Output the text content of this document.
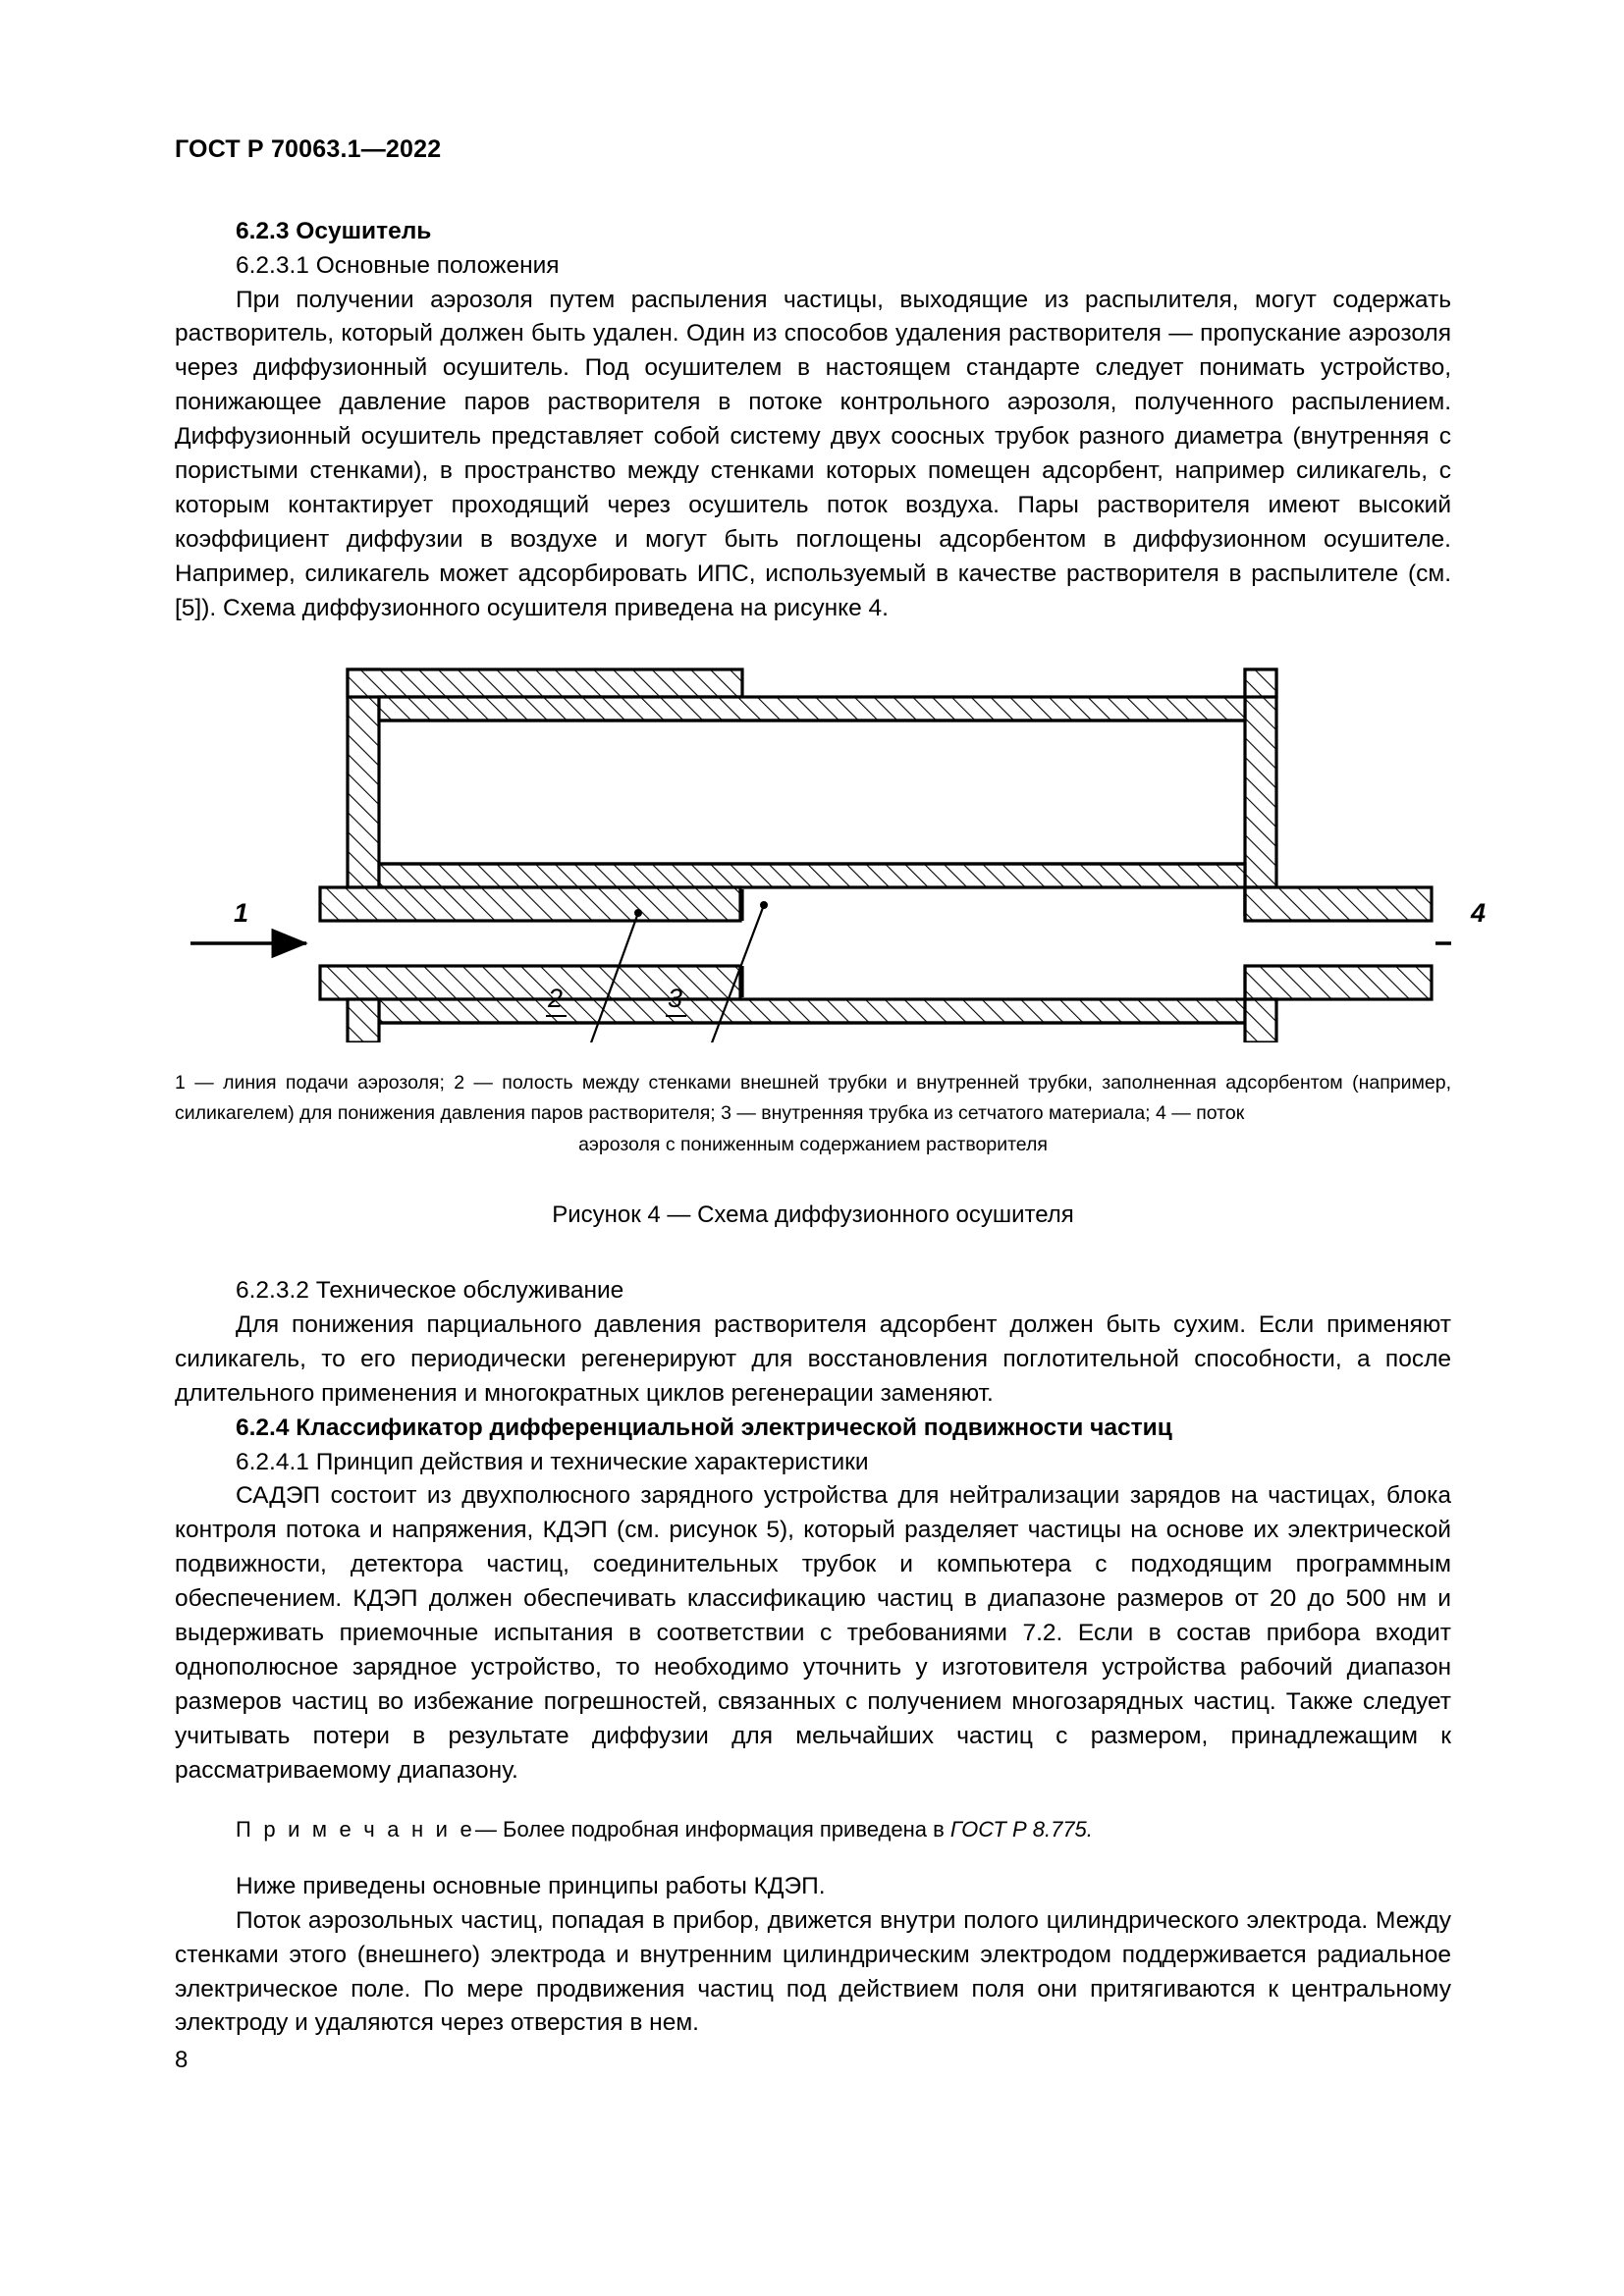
ГОСТ Р 70063.1—2022
6.2.3 Осушитель
6.2.3.1 Основные положения

При получении аэрозоля путем распыления частицы, выходящие из распылителя, могут содержать растворитель, который должен быть удален. Один из способов удаления растворителя — пропускание аэрозоля через диффузионный осушитель. Под осушителем в настоящем стандарте следует понимать устройство, понижающее давление паров растворителя в потоке контрольного аэрозоля, полученного распылением. Диффузионный осушитель представляет собой систему двух соосных трубок разного диаметра (внутренняя с пористыми стенками), в пространство между стенками которых помещен адсорбент, например силикагель, с которым контактирует проходящий через осушитель поток воздуха. Пары растворителя имеют высокий коэффициент диффузии в воздухе и могут быть поглощены адсорбентом в диффузионном осушителе. Например, силикагель может адсорбировать ИПС, используемый в качестве растворителя в распылителе (см. [5]). Схема диффузионного осушителя приведена на рисунке 4.

1	4
2	3
1 — линия подачи аэрозоля; 2 — полость между стенками внешней трубки и внутренней трубки, заполненная адсорбентом (например, силикагелем) для понижения давления паров растворителя; 3 — внутренняя трубка из сетчатого материала; 4 — поток
аэрозоля с пониженным содержанием растворителя
Рисунок 4 — Схема диффузионного осушителя
6.2.3.2 Техническое обслуживание

Для понижения парциального давления растворителя адсорбент должен быть сухим. Если применяют силикагель, то его периодически регенерируют для восстановления поглотительной способности, а после длительного применения и многократных циклов регенерации заменяют.

6.2.4 Классификатор дифференциальной электрической подвижности частиц
6.2.4.1 Принцип действия и технические характеристики

САДЭП состоит из двухполюсного зарядного устройства для нейтрализации зарядов на частицах, блока контроля потока и напряжения, КДЭП (см. рисунок 5), который разделяет частицы на основе их электрической подвижности, детектора частиц, соединительных трубок и компьютера с подходящим программным обеспечением. КДЭП должен обеспечивать классификацию частиц в диапазоне размеров от 20 до 500 нм и выдерживать приемочные испытания в соответствии с требованиями 7.2. Если в состав прибора входит однополюсное зарядное устройство, то необходимо уточнить у изготовителя устройства рабочий диапазон размеров частиц во избежание погрешностей, связанных с получением многозарядных частиц. Также следует учитывать потери в результате диффузии для мельчайших частиц с размером, принадлежащим к рассматриваемому диапазону.

П р и м е ч а н и е— Более подробная информация приведена в ГОСТ Р 8.775.

Ниже приведены основные принципы работы КДЭП.

Поток аэрозольных частиц, попадая в прибор, движется внутри полого цилиндрического электрода. Между стенками этого (внешнего) электрода и внутренним цилиндрическим электродом поддерживается радиальное электрическое поле. По мере продвижения частиц под действием поля они притягиваются к центральному электроду и удаляются через отверстия в нем.

8
